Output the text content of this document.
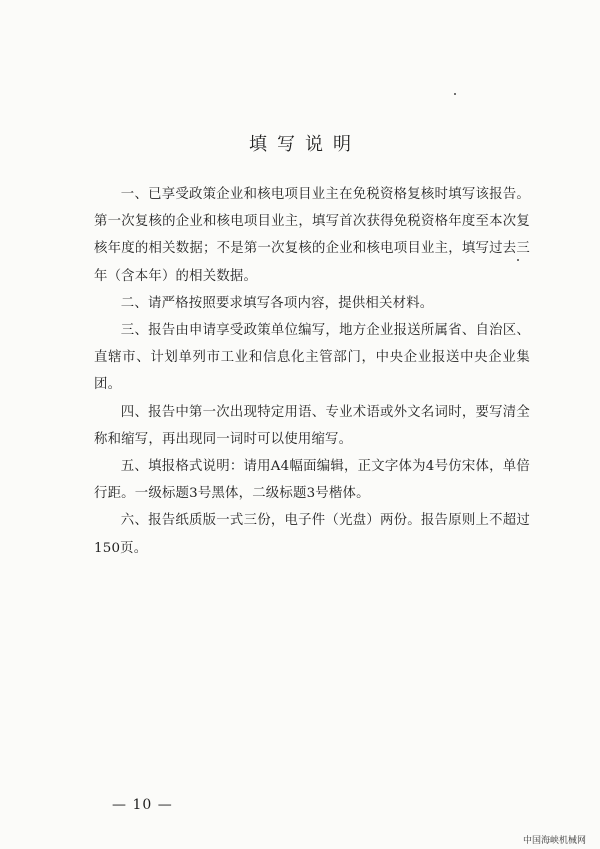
填写说明

一、已享受政策企业和核电项目业主在免税资格复核时填写该报告。第一次复核的企业和核电项目业主，填写首次获得免税资格年度至本次复核年度的相关数据；不是第一次复核的企业和核电项目业主，填写过去三年（含本年）的相关数据。

二、请严格按照要求填写各项内容，提供相关材料。

三、报告由申请享受政策单位编写，地方企业报送所属省、自治区、直辖市、计划单列市工业和信息化主管部门，中央企业报送中央企业集团。

四、报告中第一次出现特定用语、专业术语或外文名词时，要写清全称和缩写，再出现同一词时可以使用缩写。

五、填报格式说明：请用A4幅面编辑，正文字体为4号仿宋体，单倍行距。一级标题3号黑体，二级标题3号楷体。

六、报告纸质版一式三份，电子件（光盘）两份。报告原则上不超过150页。

— 10 —
中国海峡机械网
